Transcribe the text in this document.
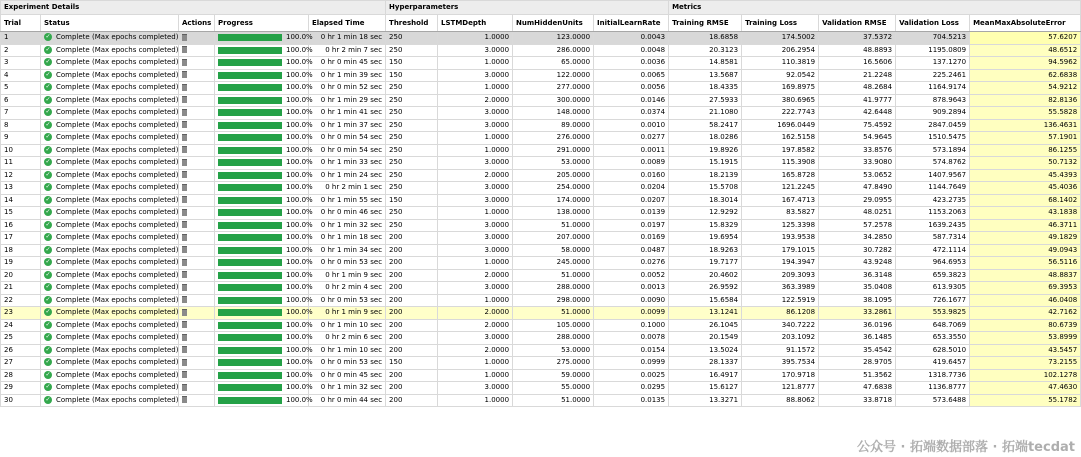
Experiment Details					Hyperparameters				Metrics				
Trial	Status	Actions	Progress	Elapsed Time	Threshold	LSTMDepth	NumHiddenUnits	InitialLearnRate	Training RMSE	Training Loss	Validation RMSE	Validation Loss	MeanMaxAbsoluteError
1	✓ Complete (Max epochs completed)		100.0%	0 hr 1 min 18 sec	250	1.0000	123.0000	0.0043	18.6858	174.5002	37.5372	704.5213	57.6207
2	✓ Complete (Max epochs completed)		100.0%	0 hr 2 min 7 sec	250	3.0000	286.0000	0.0048	20.3123	206.2954	48.8893	1195.0809	48.6512
3	✓ Complete (Max epochs completed)		100.0%	0 hr 0 min 45 sec	150	1.0000	65.0000	0.0036	14.8581	110.3819	16.5606	137.1270	94.5962
4	✓ Complete (Max epochs completed)		100.0%	0 hr 1 min 39 sec	150	3.0000	122.0000	0.0065	13.5687	92.0542	21.2248	225.2461	62.6838
5	✓ Complete (Max epochs completed)		100.0%	0 hr 0 min 52 sec	250	1.0000	277.0000	0.0056	18.4335	169.8975	48.2684	1164.9174	54.9212
6	✓ Complete (Max epochs completed)		100.0%	0 hr 1 min 29 sec	250	2.0000	300.0000	0.0146	27.5933	380.6965	41.9777	878.9643	82.8136
7	✓ Complete (Max epochs completed)		100.0%	0 hr 1 min 41 sec	250	3.0000	148.0000	0.0374	21.1080	222.7743	42.6448	909.2894	55.5828
8	✓ Complete (Max epochs completed)		100.0%	0 hr 1 min 37 sec	250	3.0000	89.0000	0.0010	58.2417	1696.0449	75.4592	2847.0459	136.4631
9	✓ Complete (Max epochs completed)		100.0%	0 hr 0 min 54 sec	250	1.0000	276.0000	0.0277	18.0286	162.5158	54.9645	1510.5475	57.1901
10	✓ Complete (Max epochs completed)		100.0%	0 hr 0 min 54 sec	250	1.0000	291.0000	0.0011	19.8926	197.8582	33.8576	573.1894	86.1255
11	✓ Complete (Max epochs completed)		100.0%	0 hr 1 min 33 sec	250	3.0000	53.0000	0.0089	15.1915	115.3908	33.9080	574.8762	50.7132
12	✓ Complete (Max epochs completed)		100.0%	0 hr 1 min 24 sec	250	2.0000	205.0000	0.0160	18.2139	165.8728	53.0652	1407.9567	45.4393
13	✓ Complete (Max epochs completed)		100.0%	0 hr 2 min 1 sec	250	3.0000	254.0000	0.0204	15.5708	121.2245	47.8490	1144.7649	45.4036
14	✓ Complete (Max epochs completed)		100.0%	0 hr 1 min 55 sec	150	3.0000	174.0000	0.0207	18.3014	167.4713	29.0955	423.2735	68.1402
15	✓ Complete (Max epochs completed)		100.0%	0 hr 0 min 46 sec	250	1.0000	138.0000	0.0139	12.9292	83.5827	48.0251	1153.2063	43.1838
16	✓ Complete (Max epochs completed)		100.0%	0 hr 1 min 32 sec	250	3.0000	51.0000	0.0197	15.8329	125.3398	57.2578	1639.2435	46.3711
17	✓ Complete (Max epochs completed)		100.0%	0 hr 1 min 18 sec	200	3.0000	207.0000	0.0169	19.6954	193.9538	34.2850	587.7314	49.1829
18	✓ Complete (Max epochs completed)		100.0%	0 hr 1 min 34 sec	200	3.0000	58.0000	0.0487	18.9263	179.1015	30.7282	472.1114	49.0943
19	✓ Complete (Max epochs completed)		100.0%	0 hr 0 min 53 sec	200	1.0000	245.0000	0.0276	19.7177	194.3947	43.9248	964.6953	56.5116
20	✓ Complete (Max epochs completed)		100.0%	0 hr 1 min 9 sec	200	2.0000	51.0000	0.0052	20.4602	209.3093	36.3148	659.3823	48.8837
21	✓ Complete (Max epochs completed)		100.0%	0 hr 2 min 4 sec	200	3.0000	288.0000	0.0013	26.9592	363.3989	35.0408	613.9305	69.3953
22	✓ Complete (Max epochs completed)		100.0%	0 hr 0 min 53 sec	200	1.0000	298.0000	0.0090	15.6584	122.5919	38.1095	726.1677	46.0408
23	✓ Complete (Max epochs completed)		100.0%	0 hr 1 min 9 sec	200	2.0000	51.0000	0.0099	13.1241	86.1208	33.2861	553.9825	42.7162
24	✓ Complete (Max epochs completed)		100.0%	0 hr 1 min 10 sec	200	2.0000	105.0000	0.1000	26.1045	340.7222	36.0196	648.7069	80.6739
25	✓ Complete (Max epochs completed)		100.0%	0 hr 2 min 6 sec	200	3.0000	288.0000	0.0078	20.1549	203.1092	36.1485	653.3550	53.8999
26	✓ Complete (Max epochs completed)		100.0%	0 hr 1 min 10 sec	200	2.0000	53.0000	0.0154	13.5024	91.1572	35.4542	628.5010	43.5457
27	✓ Complete (Max epochs completed)		100.0%	0 hr 0 min 53 sec	150	1.0000	275.0000	0.0999	28.1337	395.7534	28.9705	419.6457	73.2155
28	✓ Complete (Max epochs completed)		100.0%	0 hr 0 min 45 sec	200	1.0000	59.0000	0.0025	16.4917	170.9718	51.3562	1318.7736	102.1278
29	✓ Complete (Max epochs completed)		100.0%	0 hr 1 min 32 sec	200	3.0000	55.0000	0.0295	15.6127	121.8777	47.6838	1136.8777	47.4630
30	✓ Complete (Max epochs completed)		100.0%	0 hr 0 min 44 sec	200	1.0000	51.0000	0.0135	13.3271	88.8062	33.8718	573.6488	55.1782
公众号 · 拓端数据部落 · 拓端tecdat
